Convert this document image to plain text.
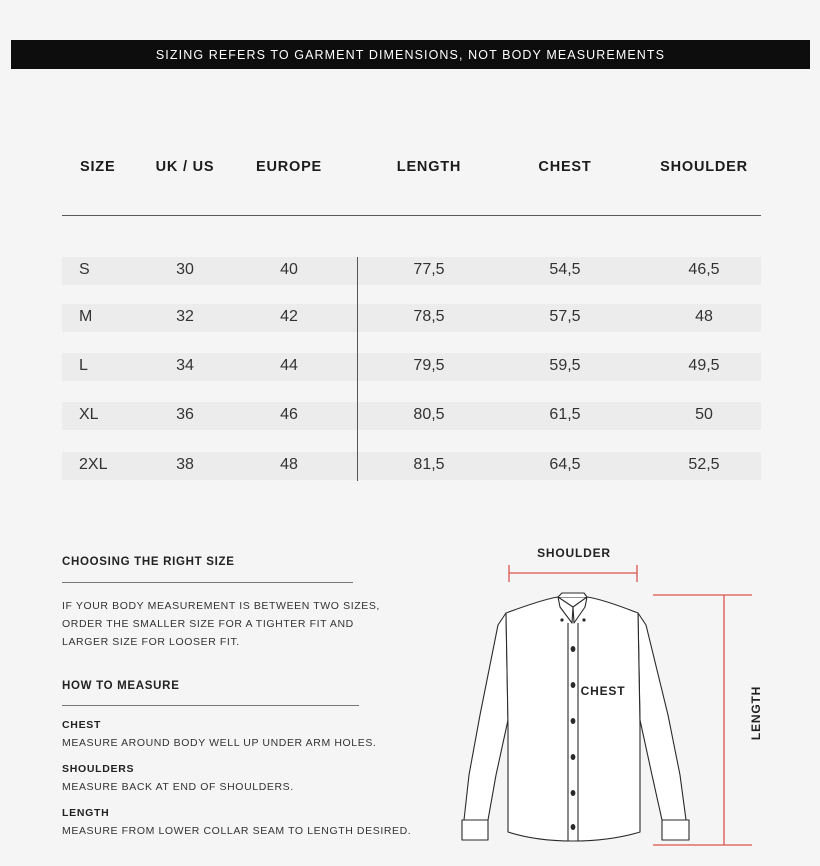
SIZING REFERS TO GARMENT DIMENSIONS, NOT BODY MEASUREMENTS
SIZE	UK / US	EUROPE	LENGTH	CHEST	SHOULDER
S	30	40	77,5	54,5	46,5
M	32	42	78,5	57,5	48
L	34	44	79,5	59,5	49,5
XL	36	46	80,5	61,5	50
2XL	38	48	81,5	64,5	52,5
CHOOSING THE RIGHT SIZE
IF YOUR BODY MEASUREMENT IS BETWEEN TWO SIZES,
ORDER THE SMALLER SIZE FOR A TIGHTER FIT AND
LARGER SIZE FOR LOOSER FIT.
HOW TO MEASURE
CHEST
MEASURE AROUND BODY WELL UP UNDER ARM HOLES.
SHOULDERS
MEASURE BACK AT END OF SHOULDERS.
LENGTH
MEASURE FROM LOWER COLLAR SEAM TO LENGTH DESIRED.
SHOULDER
CHEST	LENGTH
